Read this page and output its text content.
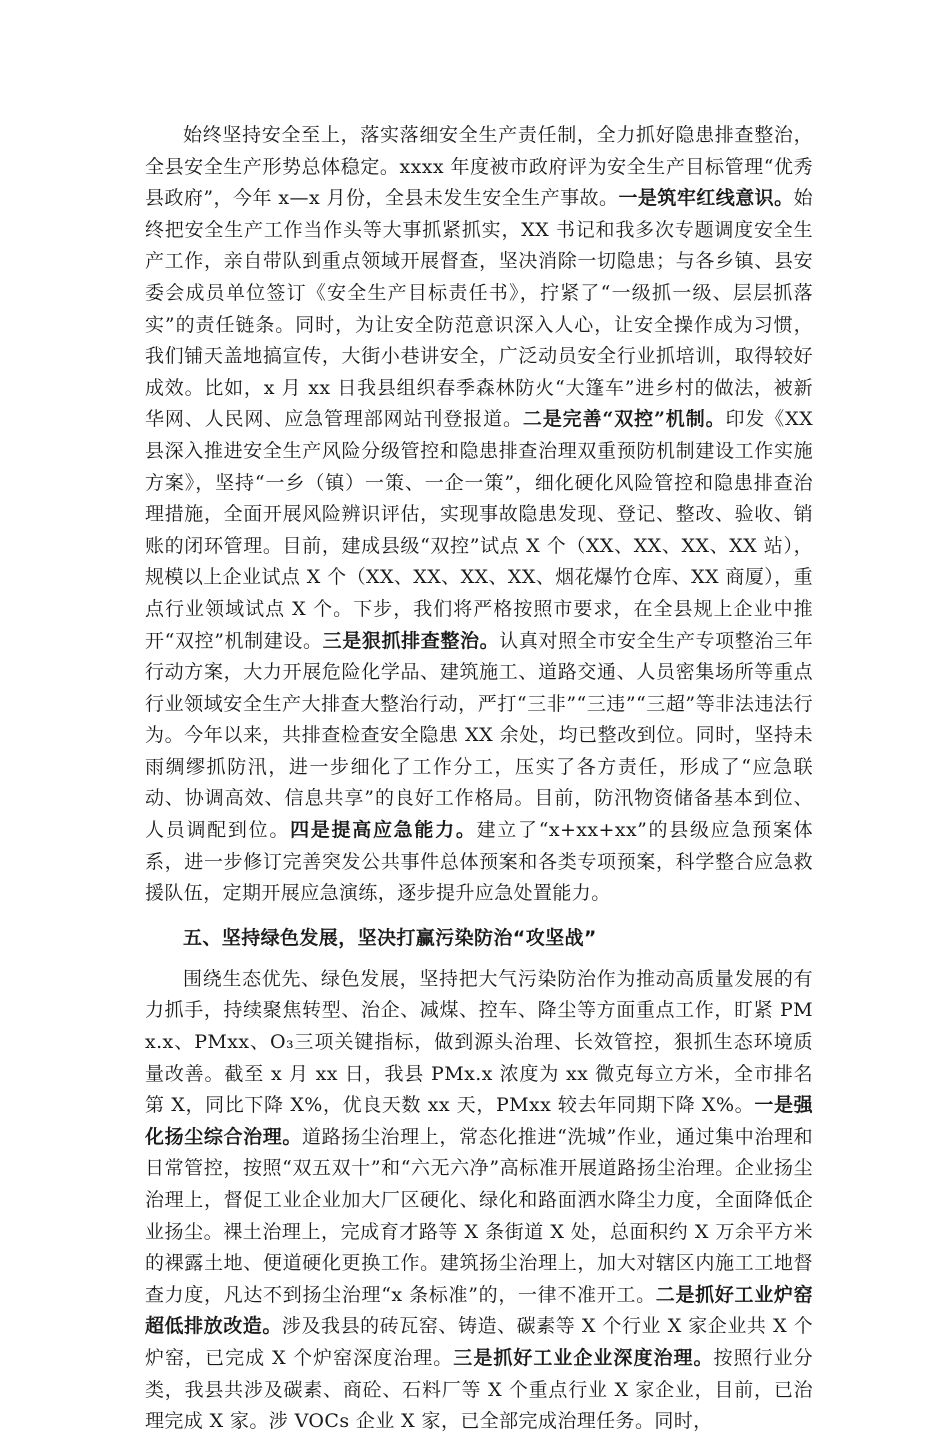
始终坚持安全至上，落实落细安全生产责任制，全力抓好隐患排查整治，全县安全生产形势总体稳定。xxxx 年度被市政府评为安全生产目标管理“优秀县政府”，今年 x—x 月份，全县未发生安全生产事故。一是筑牢红线意识。始终把安全生产工作当作头等大事抓紧抓实，XX 书记和我多次专题调度安全生产工作，亲自带队到重点领域开展督查，坚决消除一切隐患；与各乡镇、县安委会成员单位签订《安全生产目标责任书》，拧紧了“一级抓一级、层层抓落实”的责任链条。同时，为让安全防范意识深入人心，让安全操作成为习惯，我们铺天盖地搞宣传，大街小巷讲安全，广泛动员安全行业抓培训，取得较好成效。比如，x 月 xx 日我县组织春季森林防火“大篷车”进乡村的做法，被新华网、人民网、应急管理部网站刊登报道。二是完善“双控”机制。印发《XX 县深入推进安全生产风险分级管控和隐患排查治理双重预防机制建设工作实施方案》，坚持“一乡（镇）一策、一企一策”，细化硬化风险管控和隐患排查治理措施，全面开展风险辨识评估，实现事故隐患发现、登记、整改、验收、销账的闭环管理。目前，建成县级“双控”试点 X 个（XX、XX、XX、XX 站），规模以上企业试点 X 个（XX、XX、XX、XX、烟花爆竹仓库、XX 商厦），重点行业领域试点 X 个。下步，我们将严格按照市要求，在全县规上企业中推开“双控”机制建设。三是狠抓排查整治。认真对照全市安全生产专项整治三年行动方案，大力开展危险化学品、建筑施工、道路交通、人员密集场所等重点行业领域安全生产大排查大整治行动，严打“三非”“三违”“三超”等非法违法行为。今年以来，共排查检查安全隐患 XX 余处，均已整改到位。同时，坚持未雨绸缪抓防汛，进一步细化了工作分工，压实了各方责任，形成了“应急联动、协调高效、信息共享”的良好工作格局。目前，防汛物资储备基本到位、人员调配到位。四是提高应急能力。建立了“x+xx+xx”的县级应急预案体系，进一步修订完善突发公共事件总体预案和各类专项预案，科学整合应急救援队伍，定期开展应急演练，逐步提升应急处置能力。

五、坚持绿色发展，坚决打赢污染防治“攻坚战”

围绕生态优先、绿色发展，坚持把大气污染防治作为推动高质量发展的有力抓手，持续聚焦转型、治企、减煤、控车、降尘等方面重点工作，盯紧 PMx.x、PMxx、O₃三项关键指标，做到源头治理、长效管控，狠抓生态环境质量改善。截至 x 月 xx 日，我县 PMx.x 浓度为 xx 微克每立方米，全市排名第 X，同比下降 X%，优良天数 xx 天，PMxx 较去年同期下降 X%。一是强化扬尘综合治理。道路扬尘治理上，常态化推进“洗城”作业，通过集中治理和日常管控，按照“双五双十”和“六无六净”高标准开展道路扬尘治理。企业扬尘治理上，督促工业企业加大厂区硬化、绿化和路面洒水降尘力度，全面降低企业扬尘。裸土治理上，完成育才路等 X 条街道 X 处，总面积约 X 万余平方米的裸露土地、便道硬化更换工作。建筑扬尘治理上，加大对辖区内施工工地督查力度，凡达不到扬尘治理“x 条标准”的，一律不准开工。二是抓好工业炉窑超低排放改造。涉及我县的砖瓦窑、铸造、碳素等 X 个行业 X 家企业共 X 个炉窑，已完成 X 个炉窑深度治理。三是抓好工业企业深度治理。按照行业分类，我县共涉及碳素、商砼、石料厂等 X 个重点行业 X 家企业，目前，已治理完成 X 家。涉 VOCs 企业 X 家，已全部完成治理任务。同时，
